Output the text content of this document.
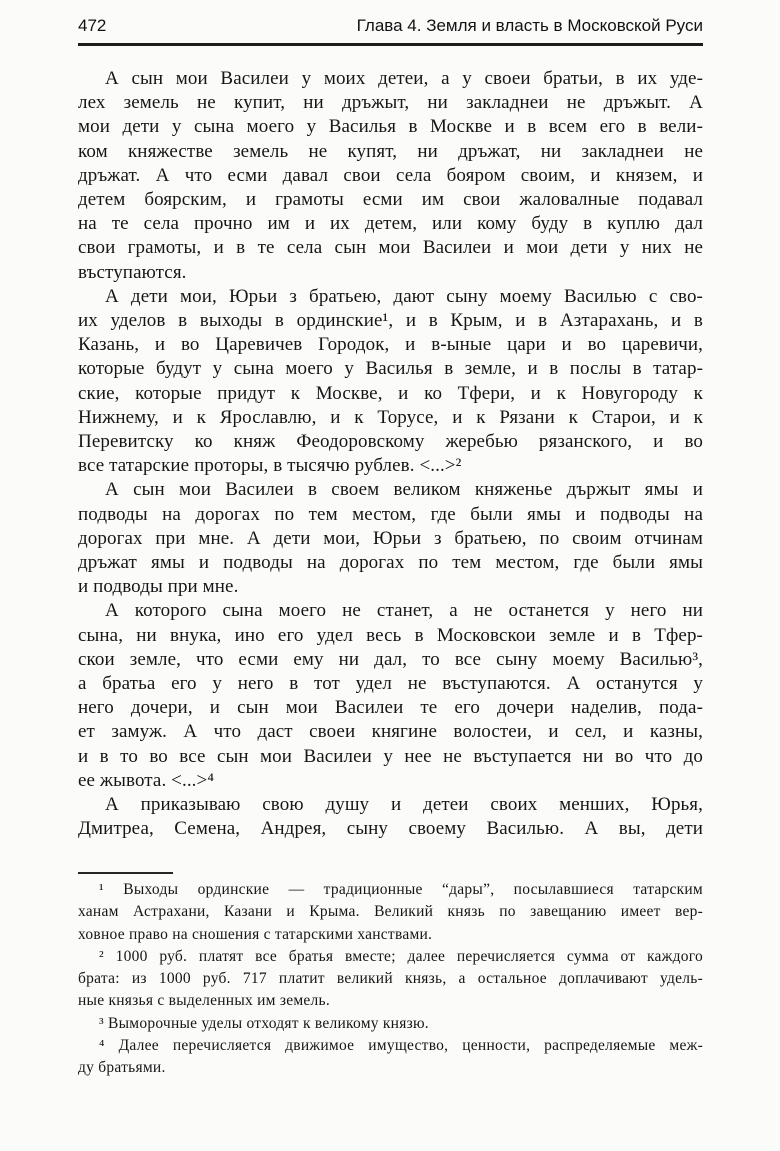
472	Глава 4. Земля и власть в Московской Руси
А сын мои Василеи у моих детеи, а у своеи братьи, в их уде-
лех земель не купит, ни дръжыт, ни закладнеи не дръжыт. А
мои дети у сына моего у Василья в Москве и в всем его в вели-
ком княжестве земель не купят, ни дръжат, ни закладнеи не
дръжат. А что есми давал свои села бояром своим, и князем, и
детем боярским, и грамоты есми им свои жаловалные подавал
на те села прочно им и их детем, или кому буду в куплю дал
свои грамоты, и в те села сын мои Василеи и мои дети у них не
въступаются.
А дети мои, Юрьи з братьею, дают сыну моему Василью с сво-
их уделов в выходы в ординские¹, и в Крым, и в Азтарахань, и в
Казань, и во Царевичев Городок, и в-ыные цари и во царевичи,
которые будут у сына моего у Василья в земле, и в послы в татар-
ские, которые придут к Москве, и ко Тфери, и к Новугороду к
Нижнему, и к Ярославлю, и к Торусе, и к Рязани к Старои, и к
Перевитску ко княж Феодоровскому жеребью рязанского, и во
все татарские проторы, в тысячю рублев. <...>²
А сын мои Василеи в своем великом княженье държыт ямы и
подводы на дорогах по тем местом, где были ямы и подводы на
дорогах при мне. А дети мои, Юрьи з братьею, по своим отчинам
дръжат ямы и подводы на дорогах по тем местом, где были ямы
и подводы при мне.
А которого сына моего не станет, а не останется у него ни
сына, ни внука, ино его удел весь в Московскои земле и в Тфер-
скои земле, что есми ему ни дал, то все сыну моему Василью³,
а братьа его у него в тот удел не въступаются. А останутся у
него дочери, и сын мои Василеи те его дочери наделив, пода-
ет замуж. А что даст своеи княгине волостеи, и сел, и казны,
и в то во все сын мои Василеи у нее не въступается ни во что до
ее жывота. <...>⁴
А приказываю свою душу и детеи своих менших, Юрья,
Дмитреа, Семена, Андрея, сыну своему Василью. А вы, дети
¹ Выходы ординские — традиционные “дары”, посылавшиеся татарским
ханам Астрахани, Казани и Крыма. Великий князь по завещанию имеет вер-
ховное право на сношения с татарскими ханствами.
² 1000 руб. платят все братья вместе; далее перечисляется сумма от каждого
брата: из 1000 руб. 717 платит великий князь, а остальное доплачивают удель-
ные князья с выделенных им земель.
³ Выморочные уделы отходят к великому князю.
⁴ Далее перечисляется движимое имущество, ценности, распределяемые меж-
ду братьями.
